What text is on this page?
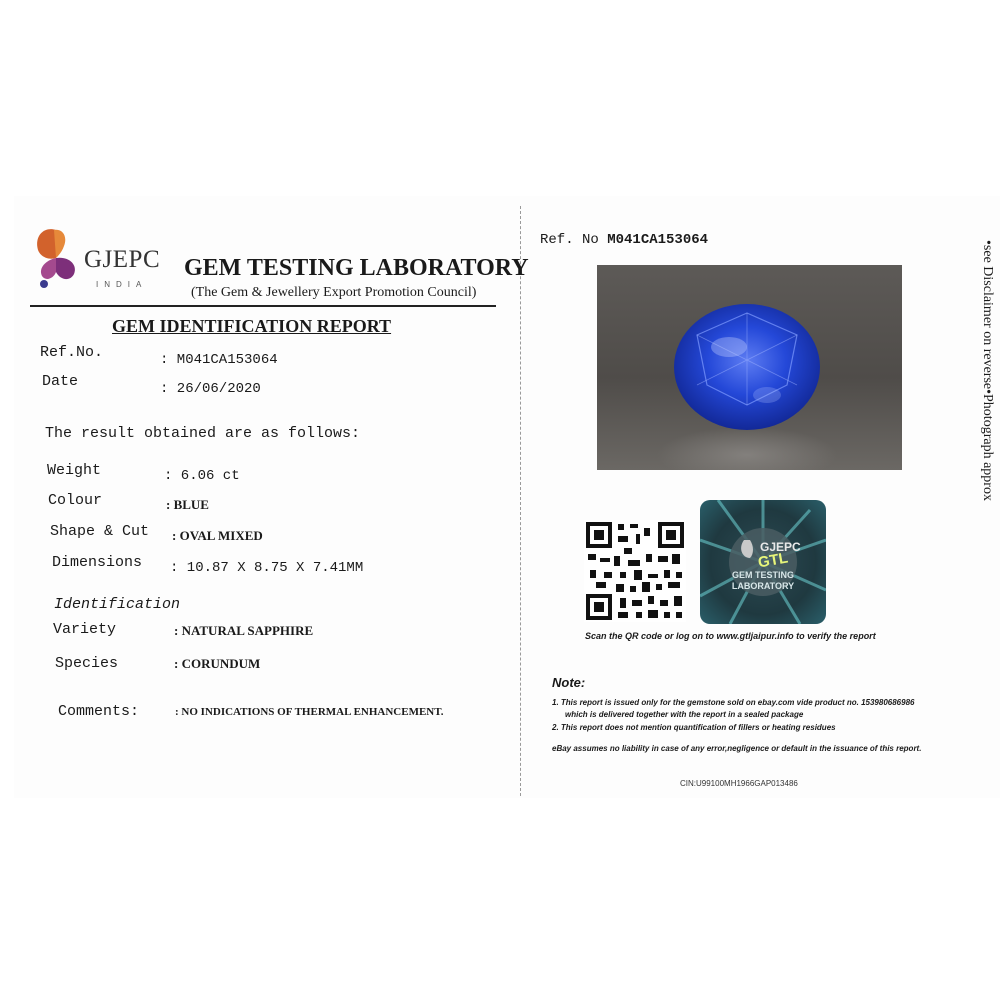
GJEPC
INDIA
GEM TESTING LABORATORY
(The Gem & Jewellery Export Promotion Council)
GEM IDENTIFICATION REPORT
Ref.No.	: M041CA153064
Date	: 26/06/2020
The result obtained are as follows:
Weight	: 6.06 ct
Colour	: BLUE
Shape & Cut : OVAL MIXED
Dimensions : 10.87 X 8.75 X 7.41MM
Identification
Variety	: NATURAL SAPPHIRE
Species	: CORUNDUM
Comments:	: NO INDICATIONS OF THERMAL ENHANCEMENT.
Ref. No M041CA153064
GJEPC
GTL
GEM TESTING
LABORATORY
Scan the QR code or log on to www.gtljaipur.info to verify the report
Note:
1. This report is issued only for the gemstone sold on ebay.com vide product no. 153980686986
which is delivered together with the report in a sealed package
2. This report does not mention quantification of fillers or heating residues
eBay assumes no liability in case of any error,negligence or default in the issuance of this report.
CIN:U99100MH1966GAP013486
•see Disclaimer on reverse•Photograph approx
